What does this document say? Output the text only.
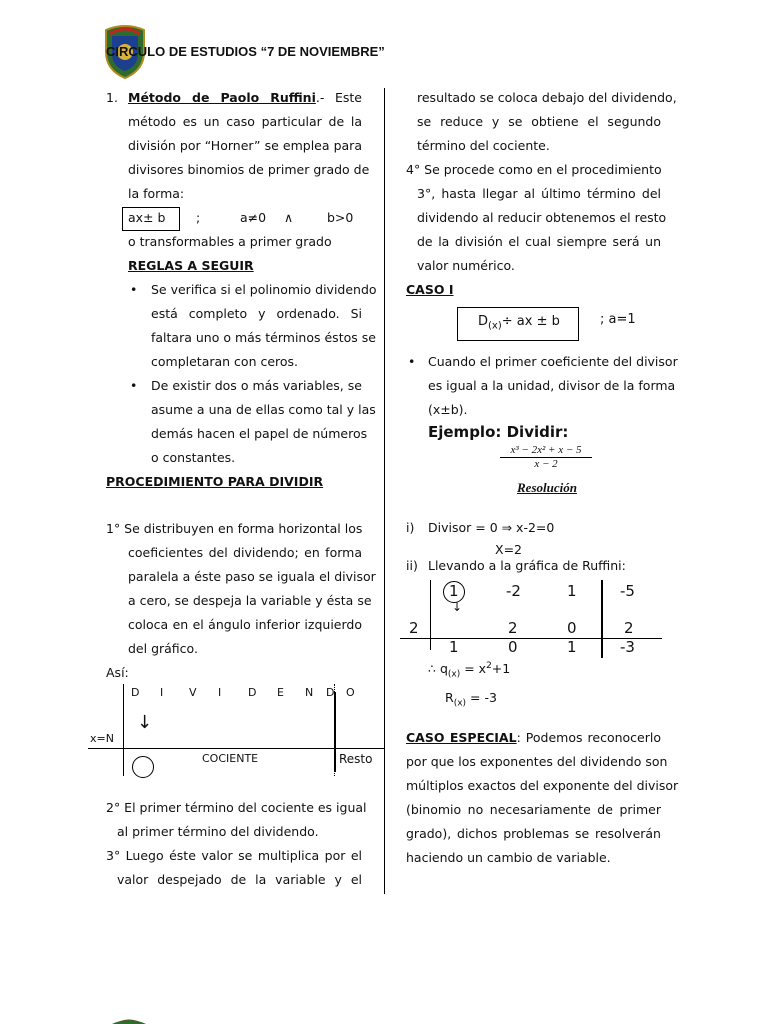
CIRCULO DE ESTUDIOS “7 DE NOVIEMBRE”
1. Método de Paolo Ruffini.- Este
método es un caso particular de la
división por “Horner” se emplea para
divisores binomios de primer grado de
la forma:
ax± b ;	a≠0 ∧	b>0
o transformables a primer grado
REGLAS A SEGUIR
• Se verifica si el polinomio dividendo
está completo y ordenado. Si
faltara uno o más términos éstos se
completaran con ceros.
• De existir dos o más variables, se
asume a una de ellas como tal y las
demás hacen el papel de números
o constantes.
PROCEDIMIENTO PARA DIVIDIR
1° Se distribuyen en forma horizontal los
coeficientes del dividendo; en forma
paralela a éste paso se iguala el divisor
a cero, se despeja la variable y ésta se
coloca en el ángulo inferior izquierdo
del gráfico.
Así:
D I V I D E N D O
↓
x=N
COCIENTE	Resto
2° El primer término del cociente es igual
al primer término del dividendo.
3° Luego éste valor se multiplica por el
valor despejado de la variable y el
resultado se coloca debajo del dividendo,
se reduce y se obtiene el segundo
término del cociente.
4° Se procede como en el procedimiento
3°, hasta llegar al último término del
dividendo al reducir obtenemos el resto
de la división el cual siempre será un
valor numérico.
CASO I
$D_{(x)}\div$ ax ± b	; a=1
• Cuando el primer coeficiente del divisor
es igual a la unidad, divisor de la forma
(x±b).
Ejemplo: Dividir:
$\frac{\text{x³ − 2x² + x − 5}}{x - 2}$
Resolución
i) Divisor = 0 ⇒ x-2=0
X=2
ii) Llevando a la gráfica de Ruffini:
1	-2	1	-5
2	2	0	2
↓
1	0	1	-3
∴ $q_{(x)} = x^2+1$
$R_{(x)} = -3$
CASO ESPECIAL: Podemos reconocerlo
por que los exponentes del dividendo son
múltiplos exactos del exponente del divisor
(binomio no necesariamente de primer
grado), dichos problemas se resolverán
haciendo un cambio de variable.
